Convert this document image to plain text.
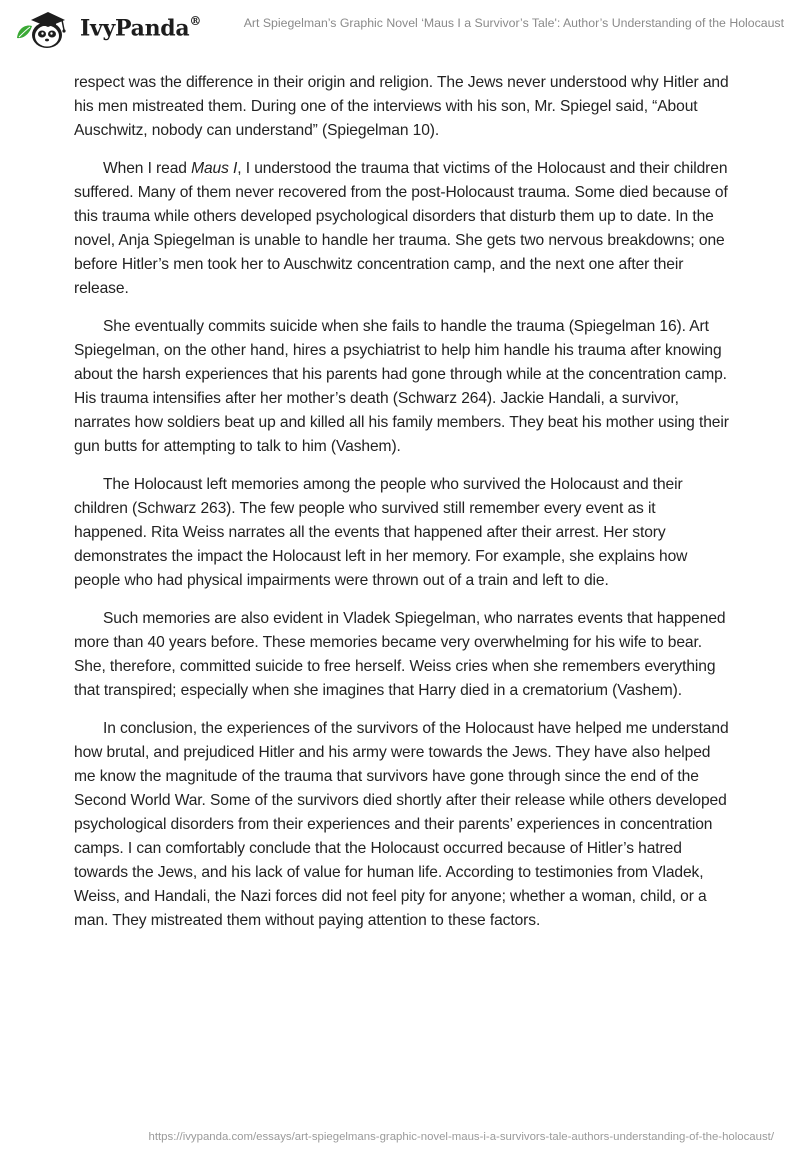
IvyPanda®	Art Spiegelman’s Graphic Novel ‘Maus I a Survivor’s Tale': Author’s Understanding of the Holocaust

respect was the difference in their origin and religion. The Jews never understood why Hitler and his men mistreated them. During one of the interviews with his son, Mr. Spiegel said, “About Auschwitz, nobody can understand” (Spiegelman 10).

When I read Maus I, I understood the trauma that victims of the Holocaust and their children suffered. Many of them never recovered from the post-Holocaust trauma. Some died because of this trauma while others developed psychological disorders that disturb them up to date. In the novel, Anja Spiegelman is unable to handle her trauma. She gets two nervous breakdowns; one before Hitler’s men took her to Auschwitz concentration camp, and the next one after their release.

She eventually commits suicide when she fails to handle the trauma (Spiegelman 16). Art Spiegelman, on the other hand, hires a psychiatrist to help him handle his trauma after knowing about the harsh experiences that his parents had gone through while at the concentration camp. His trauma intensifies after her mother’s death (Schwarz 264). Jackie Handali, a survivor, narrates how soldiers beat up and killed all his family members. They beat his mother using their gun butts for attempting to talk to him (Vashem).

The Holocaust left memories among the people who survived the Holocaust and their children (Schwarz 263). The few people who survived still remember every event as it happened. Rita Weiss narrates all the events that happened after their arrest. Her story demonstrates the impact the Holocaust left in her memory. For example, she explains how people who had physical impairments were thrown out of a train and left to die.

Such memories are also evident in Vladek Spiegelman, who narrates events that happened more than 40 years before. These memories became very overwhelming for his wife to bear. She, therefore, committed suicide to free herself. Weiss cries when she remembers everything that transpired; especially when she imagines that Harry died in a crematorium (Vashem).

In conclusion, the experiences of the survivors of the Holocaust have helped me understand how brutal, and prejudiced Hitler and his army were towards the Jews. They have also helped me know the magnitude of the trauma that survivors have gone through since the end of the Second World War. Some of the survivors died shortly after their release while others developed psychological disorders from their experiences and their parents’ experiences in concentration camps. I can comfortably conclude that the Holocaust occurred because of Hitler’s hatred towards the Jews, and his lack of value for human life. According to testimonies from Vladek, Weiss, and Handali, the Nazi forces did not feel pity for anyone; whether a woman, child, or a man. They mistreated them without paying attention to these factors.

https://ivypanda.com/essays/art-spiegelmans-graphic-novel-maus-i-a-survivors-tale-authors-understanding-of-the-holocaust/
